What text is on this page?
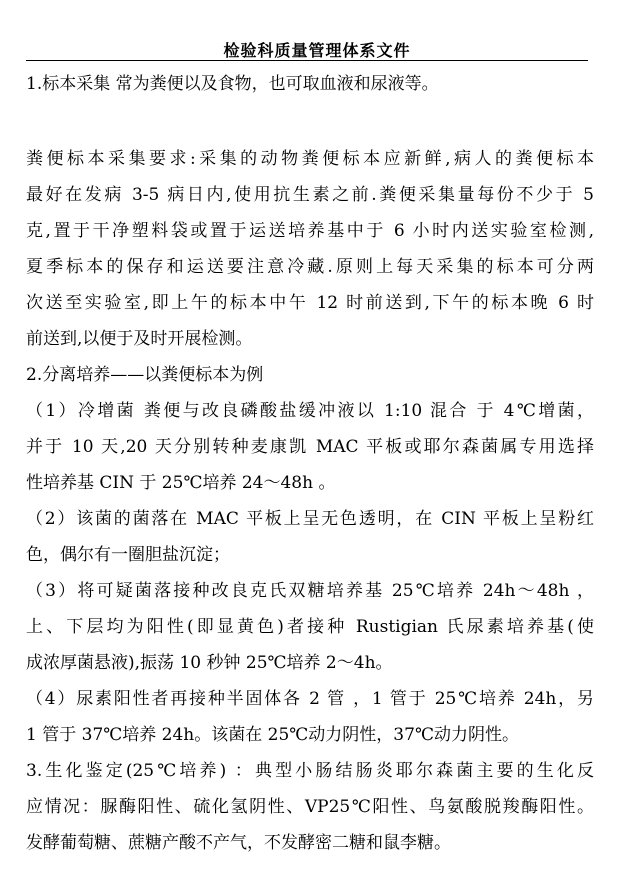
检验科质量管理体系文件
1.标本采集 常为粪便以及食物，也可取血液和尿液等。
粪便标本采集要求:采集的动物粪便标本应新鲜,病人的粪便标本
最好在发病 3-5 病日内,使用抗生素之前.粪便采集量每份不少于 5
克,置于干净塑料袋或置于运送培养基中于 6 小时内送实验室检测,
夏季标本的保存和运送要注意冷藏.原则上每天采集的标本可分两
次送至实验室,即上午的标本中午 12 时前送到,下午的标本晚 6 时
前送到,以便于及时开展检测。
2.分离培养——以粪便标本为例
（1）冷增菌 粪便与改良磷酸盐缓冲液以 1:10 混合 于 4℃增菌，
并于 10 天,20 天分别转种麦康凯 MAC 平板或耶尔森菌属专用选择
性培养基 CIN 于 25℃培养 24～48h 。
（2）该菌的菌落在 MAC 平板上呈无色透明，在 CIN 平板上呈粉红
色，偶尔有一圈胆盐沉淀；
（3）将可疑菌落接种改良克氏双糖培养基 25℃培养 24h～48h ，
上、下层均为阳性(即显黄色)者接种 Rustigian 氏尿素培养基(使
成浓厚菌悬液),振荡 10 秒钟 25℃培养 2～4h。
（4）尿素阳性者再接种半固体各 2 管 ，1 管于 25℃培养 24h，另
1 管于 37℃培养 24h。该菌在 25℃动力阴性，37℃动力阴性。
3.生化鉴定(25℃培养) ：典型小肠结肠炎耶尔森菌主要的生化反
应情况：脲酶阳性、硫化氢阴性、VP25℃阳性、鸟氨酸脱羧酶阳性。
发酵葡萄糖、蔗糖产酸不产气，不发酵密二糖和鼠李糖。
